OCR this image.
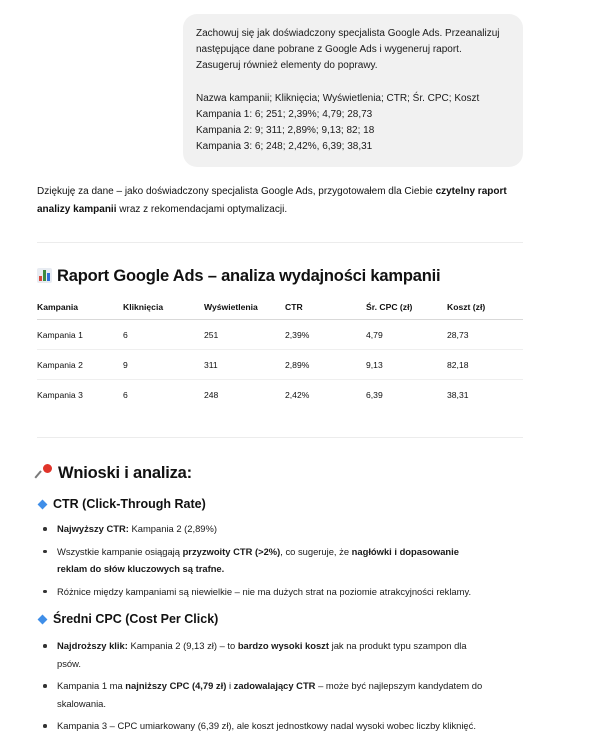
Zachowuj się jak doświadczony specjalista Google Ads. Przeanalizuj

następujące dane pobrane z Google Ads i wygeneruj raport.

Zasugeruj również elementy do poprawy.

Nazwa kampanii; Kliknięcia; Wyświetlenia; CTR; Śr. CPC; Koszt

Kampania 1: 6; 251; 2,39%; 4,79; 28,73

Kampania 2: 9; 311; 2,89%; 9,13; 82; 18

Kampania 3: 6; 248; 2,42%, 6,39; 38,31

Dziękuję za dane – jako doświadczony specjalista Google Ads, przygotowałem dla Ciebie czytelny raport
analizy kampanii wraz z rekomendacjami optymalizacji.

Raport Google Ads – analiza wydajności kampanii
Kampania	Kliknięcia	Wyświetlenia	CTR	Śr. CPC (zł)	Koszt (zł)
Kampania 1	6	251	2,39%	4,79	28,73
Kampania 2	9	311	2,89%	9,13	82,18
Kampania 3	6	248	2,42%	6,39	38,31
Wnioski i analiza:
CTR (Click-Through Rate)
Najwyższy CTR: Kampania 2 (2,89%)
Wszystkie kampanie osiągają przyzwoity CTR (>2%), co sugeruje, że nagłówki i dopasowanie
reklam do słów kluczowych są trafne.
Różnice między kampaniami są niewielkie – nie ma dużych strat na poziomie atrakcyjności reklamy.
Średni CPC (Cost Per Click)
Najdroższy klik: Kampania 2 (9,13 zł) – to bardzo wysoki koszt jak na produkt typu szampon dla
psów.
Kampania 1 ma najniższy CPC (4,79 zł) i zadowalający CTR – może być najlepszym kandydatem do
skalowania.
Kampania 3 – CPC umiarkowany (6,39 zł), ale koszt jednostkowy nadal wysoki wobec liczby kliknięć.
